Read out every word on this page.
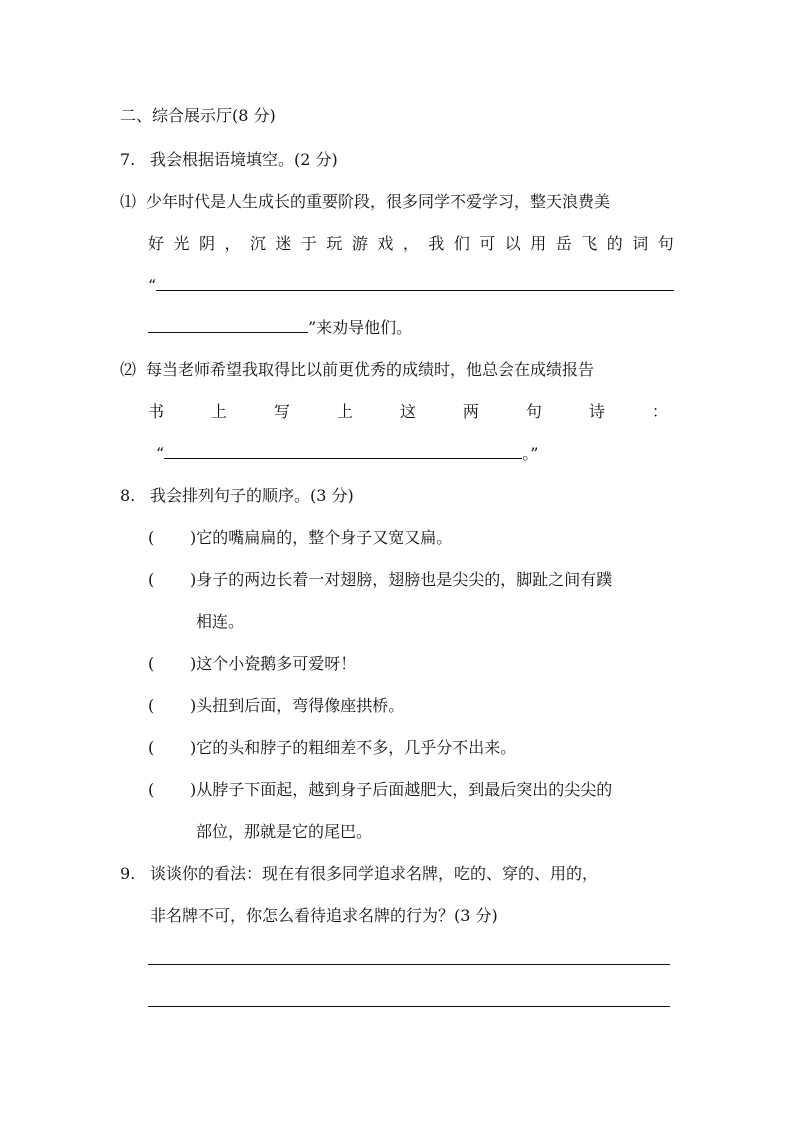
二、综合展示厅(8 分)
7. 我会根据语境填空。(2 分)
⑴ 少年时代是人生成长的重要阶段，很多同学不爱学习，整天浪费美
好 光 阴 ， 沉 迷 于 玩 游 戏 ， 我 们 可 以 用 岳 飞 的 词 句
“
”来劝导他们。
⑵ 每当老师希望我取得比以前更优秀的成绩时，他总会在成绩报告
书	上	写	上	这	两	句	诗	：
“	。”
8. 我会排列句子的顺序。(3 分)
( )它的嘴扁扁的，整个身子又宽又扁。
( )身子的两边长着一对翅膀，翅膀也是尖尖的，脚趾之间有蹼
相连。
( )这个小瓷鹅多可爱呀！
( )头扭到后面，弯得像座拱桥。
( )它的头和脖子的粗细差不多，几乎分不出来。
( )从脖子下面起，越到身子后面越肥大，到最后突出的尖尖的
部位，那就是它的尾巴。
9. 谈谈你的看法：现在有很多同学追求名牌，吃的、穿的、用的，
非名牌不可，你怎么看待追求名牌的行为？(3 分)
